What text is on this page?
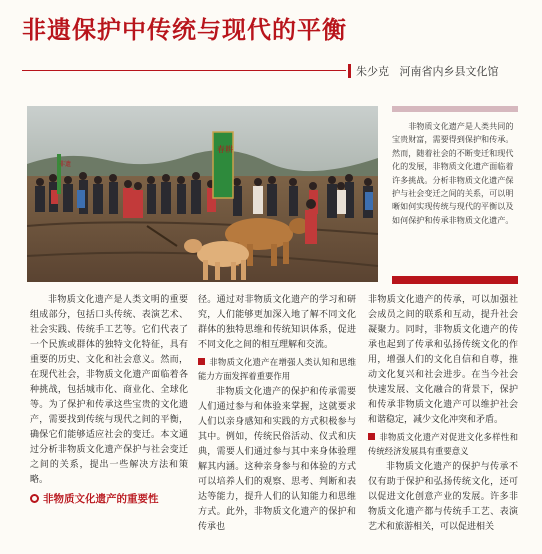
非遗保护中传统与现代的平衡
朱少克 河南省内乡县文化馆
非遗
春耕

非物质文化遗产是人类共同的宝贵财富，需要得到保护和传承。然而，随着社会的不断变迁和现代化的发展，非物质文化遗产面临着许多挑战。分析非物质文化遗产保护与社会变迁之间的关系，可以明晰如何实现传统与现代的平衡以及如何保护和传承非物质文化遗产。

非物质文化遗产是人类文明的重要组成部分，包括口头传统、表演艺术、社会实践、传统手工艺等。它们代表了一个民族或群体的独特文化特征，具有重要的历史、文化和社会意义。然而，在现代社会，非物质文化遗产面临着各种挑战，包括城市化、商业化、全球化等。为了保护和传承这些宝贵的文化遗产，需要找到传统与现代之间的平衡，确保它们能够适应社会的变迁。本文通过分析非物质文化遗产保护与社会变迁之间的关系，提出一些解决方法和策略。

非物质文化遗产的重要性

径。通过对非物质文化遗产的学习和研究，人们能够更加深入地了解不同文化群体的独特思维和传统知识体系，促进不同文化之间的相互理解和交流。

非物质文化遗产在增强人类认知和思维能力方面发挥着重要作用

非物质文化遗产的保护和传承需要人们通过参与和体验来掌握，这就要求人们以亲身感知和实践的方式积极参与其中。例如，传统民俗活动、仪式和庆典，需要人们通过参与其中来身体验理解其内涵。这种亲身参与和体验的方式可以培养人们的观察、思考、判断和表达等能力，提升人们的认知能力和思维方式。此外，非物质文化遗产的保护和传承也

非物质文化遗产的传承，可以加强社会成员之间的联系和互动，提升社会凝聚力。同时，非物质文化遗产的传承也起到了传承和弘扬传统文化的作用，增强人们的文化自信和自尊，推动文化复兴和社会进步。在当今社会快速发展、文化融合的背景下，保护和传承非物质文化遗产可以维护社会和谐稳定，减少文化冲突和矛盾。

非物质文化遗产对促进文化多样性和传统经济发展具有重要意义

非物质文化遗产的保护与传承不仅有助于保护和弘扬传统文化，还可以促进文化创意产业的发展。许多非物质文化遗产都与传统手工艺、表演艺术和旅游相关，可以促进相关
